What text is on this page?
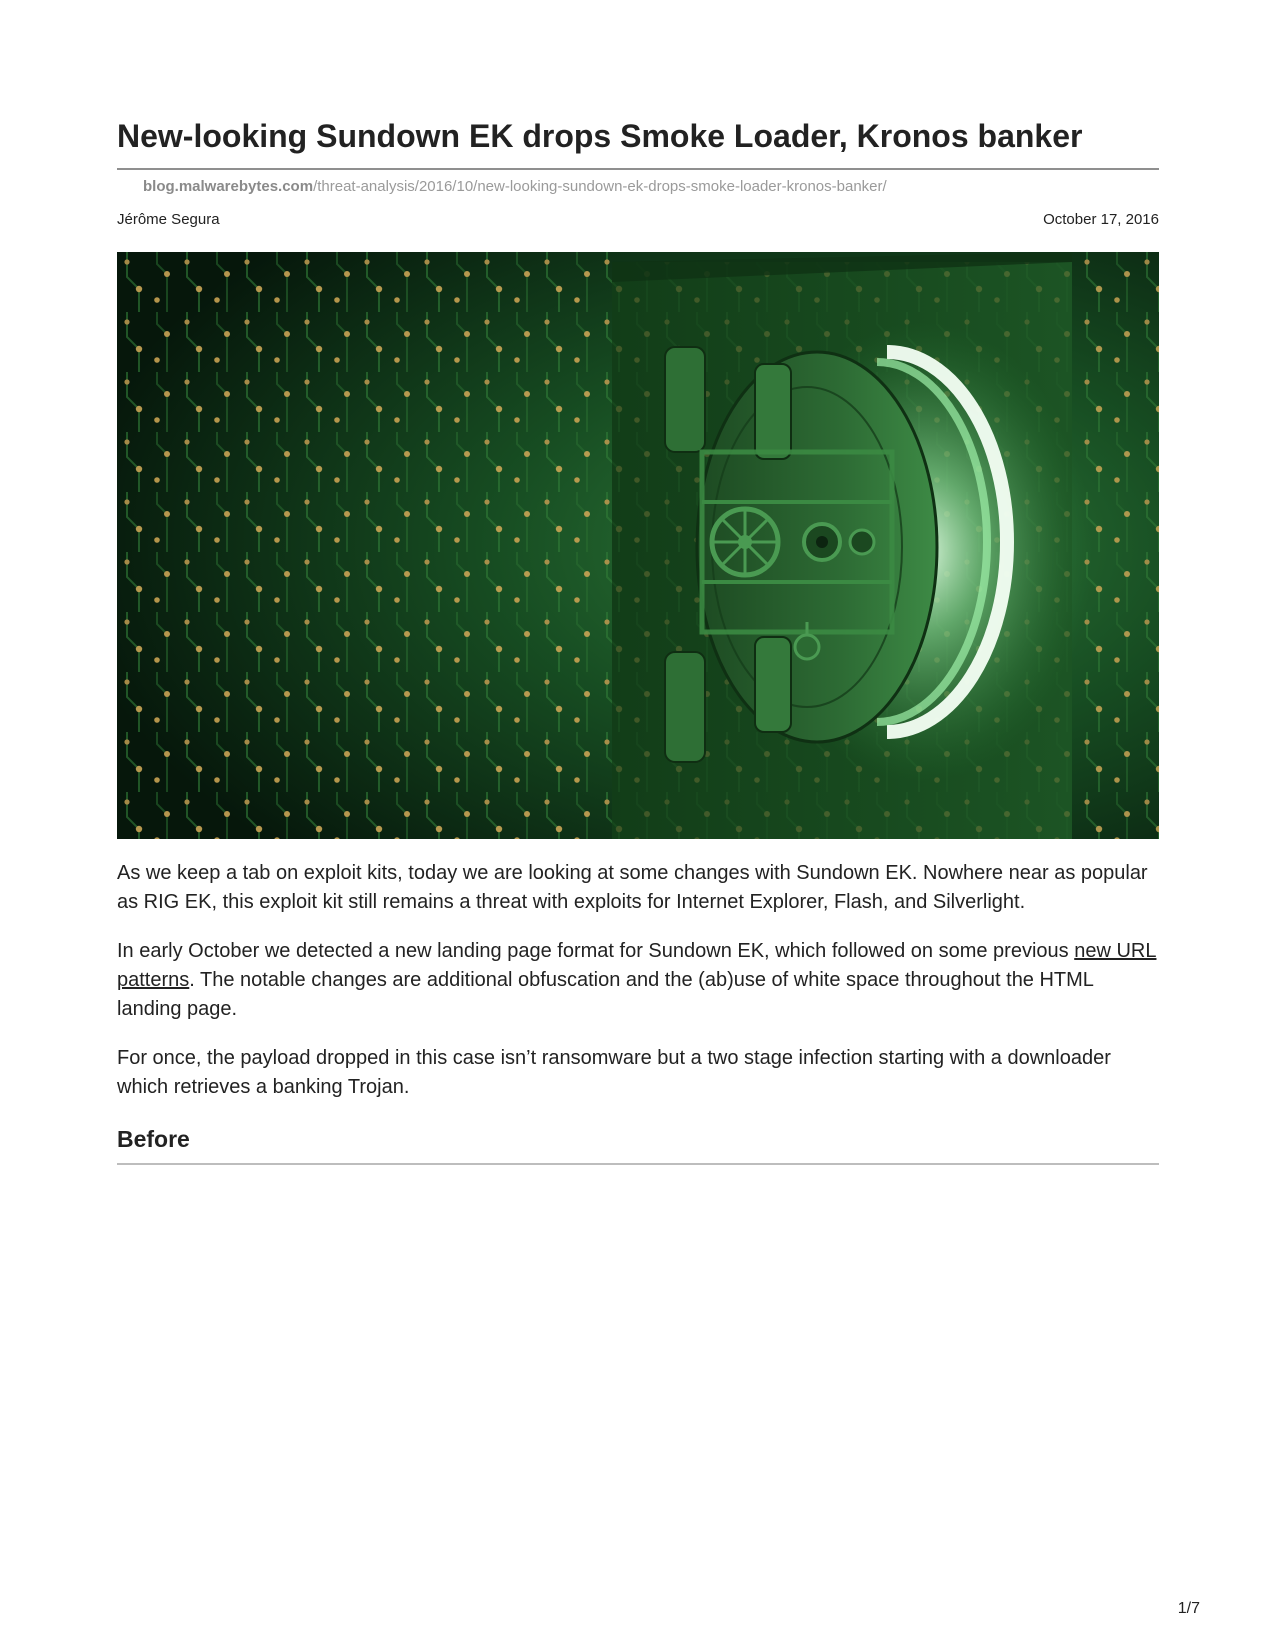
New-looking Sundown EK drops Smoke Loader, Kronos banker
blog.malwarebytes.com/threat-analysis/2016/10/new-looking-sundown-ek-drops-smoke-loader-kronos-banker/
Jérôme Segura	October 17, 2016

As we keep a tab on exploit kits, today we are looking at some changes with Sundown EK. Nowhere near as popular as RIG EK, this exploit kit still remains a threat with exploits for Internet Explorer, Flash, and Silverlight.

In early October we detected a new landing page format for Sundown EK, which followed on some previous new URL patterns. The notable changes are additional obfuscation and the (ab)use of white space throughout the HTML landing page.

For once, the payload dropped in this case isn’t ransomware but a two stage infection starting with a downloader which retrieves a banking Trojan.

Before
1/7
